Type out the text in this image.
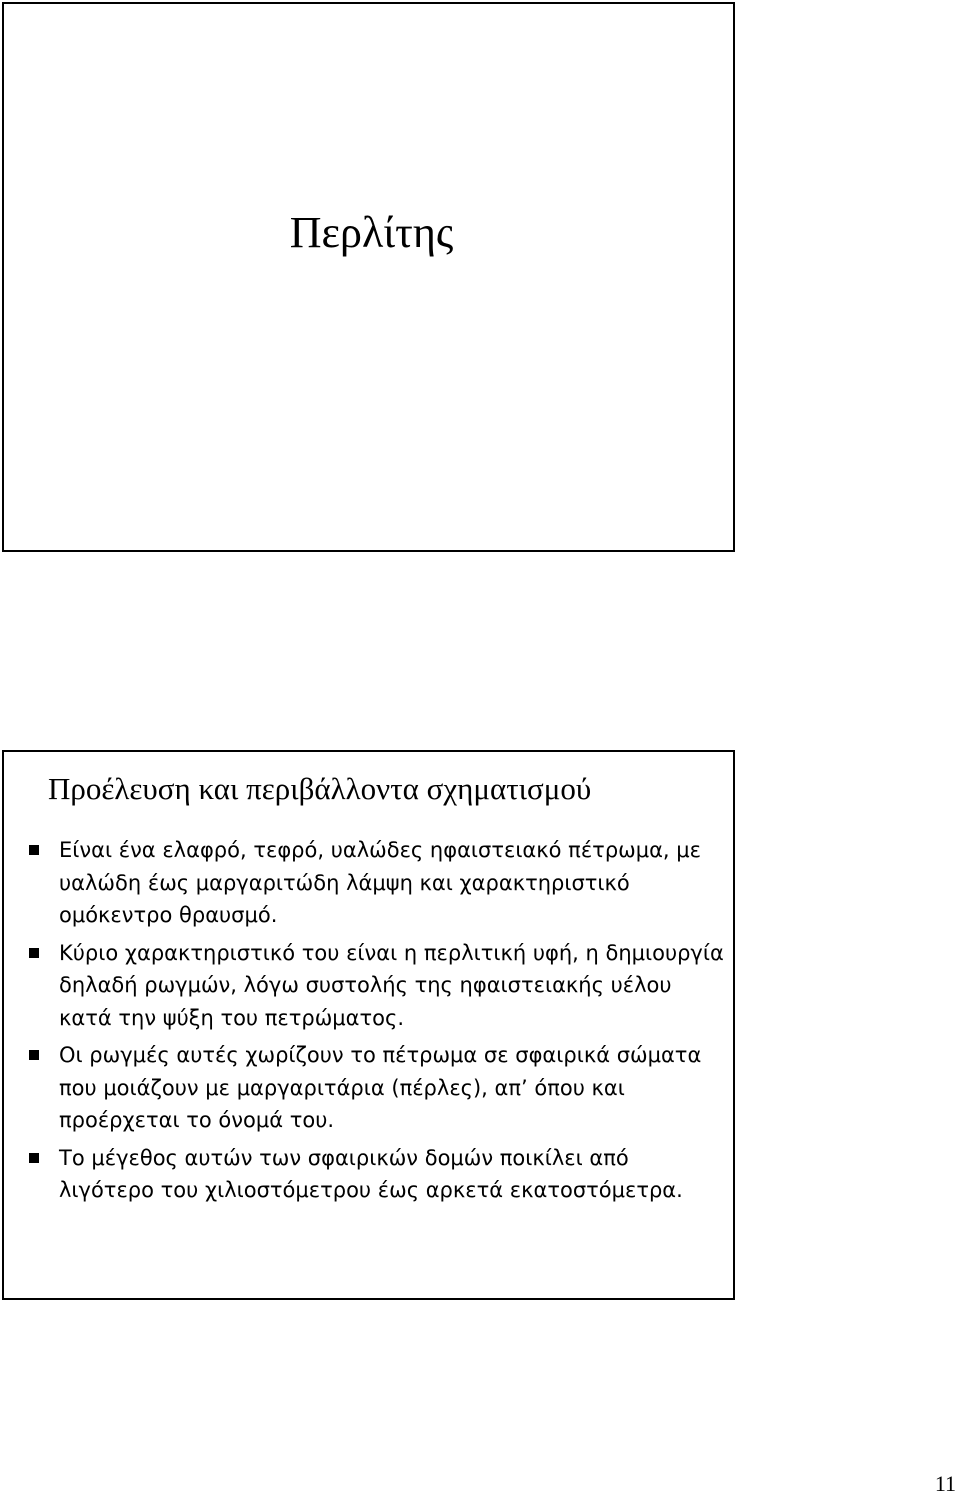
Περλίτης
Προέλευση και περιβάλλοντα σχηματισμού
Είναι ένα ελαφρό, τεφρό, υαλώδες ηφαιστειακό πέτρωμα, με υαλώδη έως μαργαριτώδη λάμψη και χαρακτηριστικό ομόκεντρο θραυσμό.
Κύριο χαρακτηριστικό του είναι η περλιτική υφή, η δημιουργία δηλαδή ρωγμών, λόγω συστολής της ηφαιστειακής υέλου κατά την ψύξη του πετρώματος.
Οι ρωγμές αυτές χωρίζουν το πέτρωμα σε σφαιρικά σώματα που μοιάζουν με μαργαριτάρια (πέρλες), απ’ όπου και προέρχεται το όνομά του.
Το μέγεθος αυτών των σφαιρικών δομών ποικίλει από λιγότερο του χιλιοστόμετρου έως αρκετά εκατοστόμετρα.
11
